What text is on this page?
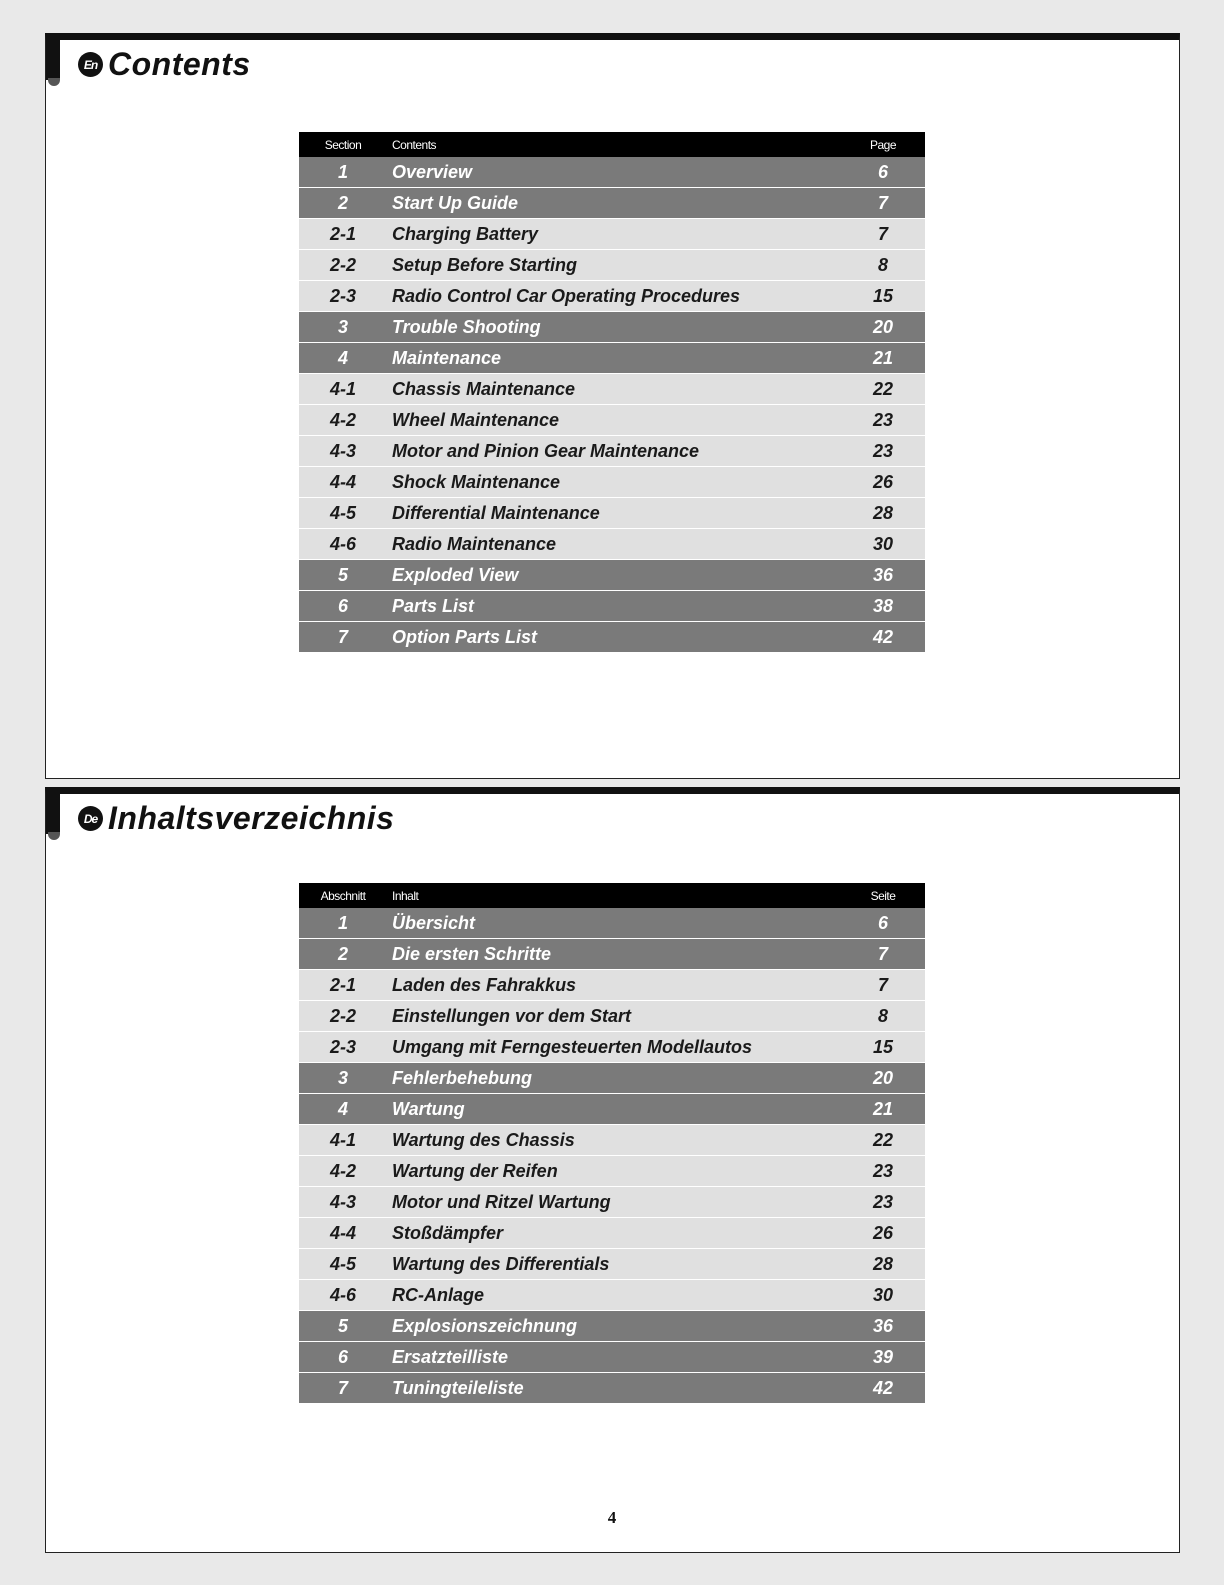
En Contents
Section	Contents	Page
1	Overview	6
2	Start Up Guide	7
2-1	Charging Battery	7
2-2	Setup Before Starting	8
2-3	Radio Control Car Operating Procedures	15
3	Trouble Shooting	20
4	Maintenance	21
4-1	Chassis Maintenance	22
4-2	Wheel Maintenance	23
4-3	Motor and Pinion Gear Maintenance	23
4-4	Shock Maintenance	26
4-5	Differential Maintenance	28
4-6	Radio Maintenance	30
5	Exploded View	36
6	Parts List	38
7	Option Parts List	42
De Inhaltsverzeichnis
Abschnitt	Inhalt	Seite
1	Übersicht	6
2	Die ersten Schritte	7
2-1	Laden des Fahrakkus	7
2-2	Einstellungen vor dem Start	8
2-3	Umgang mit Ferngesteuerten Modellautos	15
3	Fehlerbehebung	20
4	Wartung	21
4-1	Wartung des Chassis	22
4-2	Wartung der Reifen	23
4-3	Motor und Ritzel Wartung	23
4-4	Stoßdämpfer	26
4-5	Wartung des Differentials	28
4-6	RC-Anlage	30
5	Explosionszeichnung	36
6	Ersatzteilliste	39
7	Tuningteileliste	42
4
